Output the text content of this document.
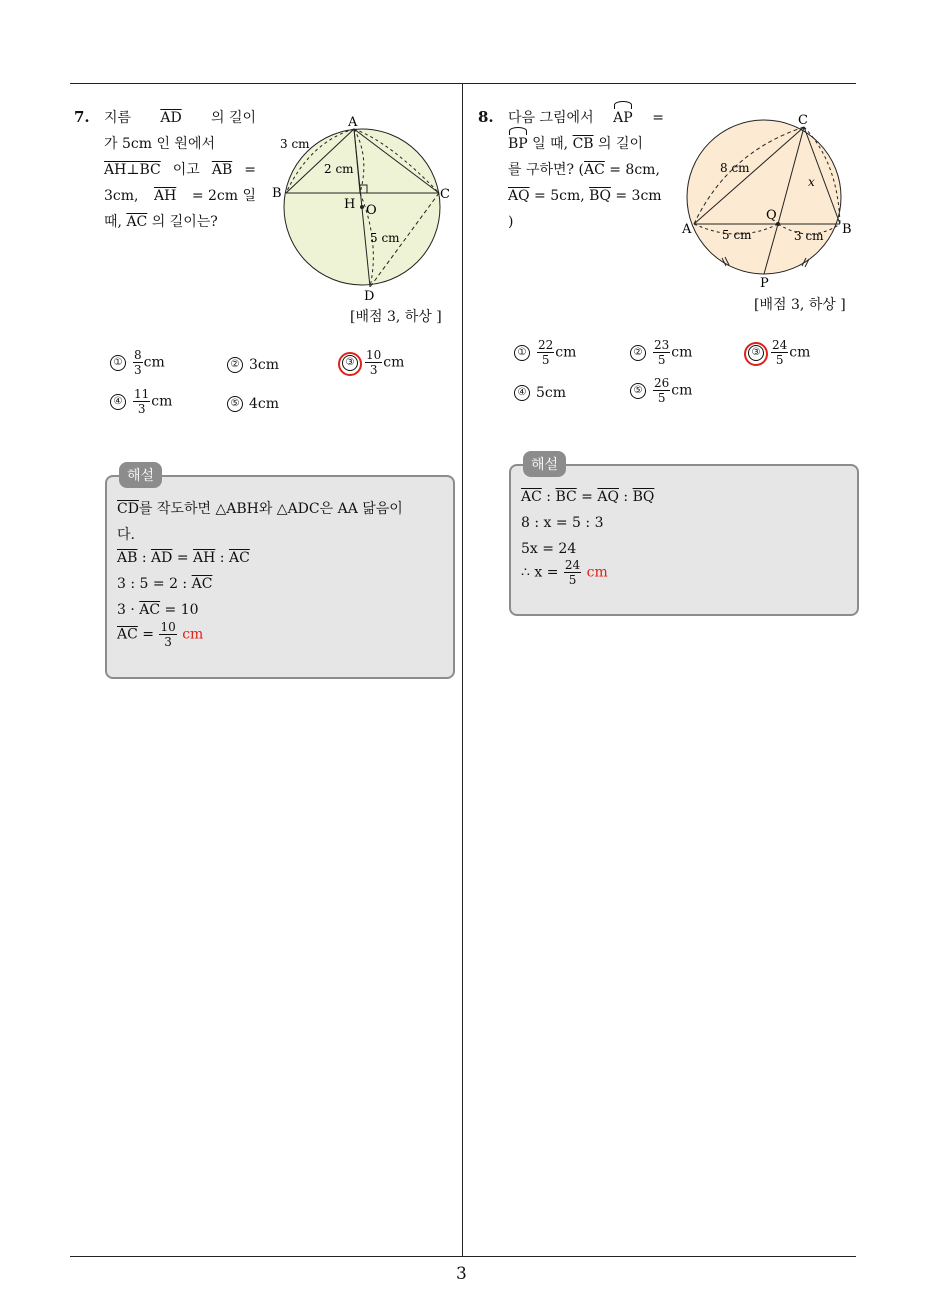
3
7. 지름 $\overline{AD}$ 의 길이
가 5cm 인 원에서
AH⊥BC 이고 $\overline{AB}$ =
3cm, $\overline{AH} = 2cm$ 일
때, $\overline{AC}$ 의 길이는?
A
B	C
D
H O
3 cm
2 cm
5 cm
[배점 3, 하상 ]
① $\frac{8}{3}$ cm	② 3cm	③ $\frac{10}{3}$ cm
④ $\frac{11}{3}$ cm	⑤ 4cm
해설
$\overline{CD}$를 작도하면 △ABH와 △ADC은 AA 닮음이
다.
$\overline{AB}$ : $\overline{AD} = \overline{AH}$ : $\overline{AC}$
3 : 5 = 2 : $\overline{AC}$
$3 \cdot \overline{AC} = 10$
$\overline{AC} = \frac{10}{3}$ cm
8. 다음 그림에서 AP =
BP 일 때, $\overline{CB}$ 의 길이
를 구하면? ($\overline{AC} = 8cm$,
$\overline{AQ} = 5cm$, $\overline{BQ} = 3cm$
)
C
A	B
P
Q
8 cm
x
5 cm	3 cm
[배점 3, 하상 ]
① $\frac{22}{5}$ cm	② $\frac{23}{5}$ cm	③ $\frac{24}{5}$ cm
④ 5cm	⑤ $\frac{26}{5}$ cm
해설
$\overline{AC}$ : $\overline{BC} = \overline{AQ}$ : $\overline{BQ}$
8 : x = 5 : 3
5x = 24
∴ $x = \frac{24}{5}$ cm
